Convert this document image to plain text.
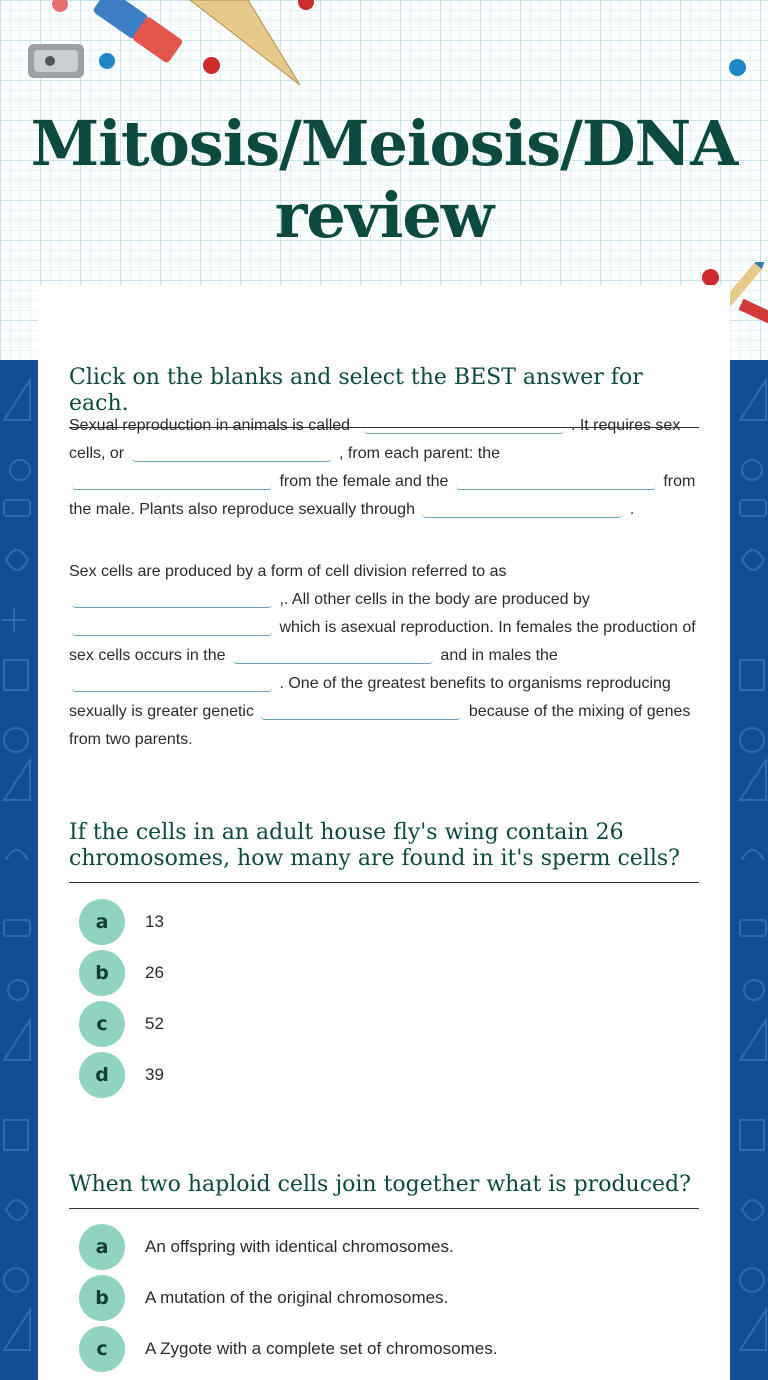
Mitosis/Meiosis/DNA review
Click on the blanks and select the BEST answer for each.

Sexual reproduction in animals is called	. It requires sex cells, or	, from each parent: the  from the female and the	from the male. Plants also reproduce sexually through	.

Sex cells are produced by a form of cell division referred to as  ,. All other cells in the body are produced by  which is asexual reproduction. In females the production of sex cells occurs in the	and in males the  . One of the greatest benefits to organisms reproducing sexually is greater genetic	because of the mixing of genes from two parents.

If the cells in an adult house fly's wing contain 26 chromosomes, how many are found in it's sperm cells?
a	13
b	26
c	52
d	39
When two haploid cells join together what is produced?
a	An offspring with identical chromosomes.
b	A mutation of the original chromosomes.
c	A Zygote with a complete set of chromosomes.
